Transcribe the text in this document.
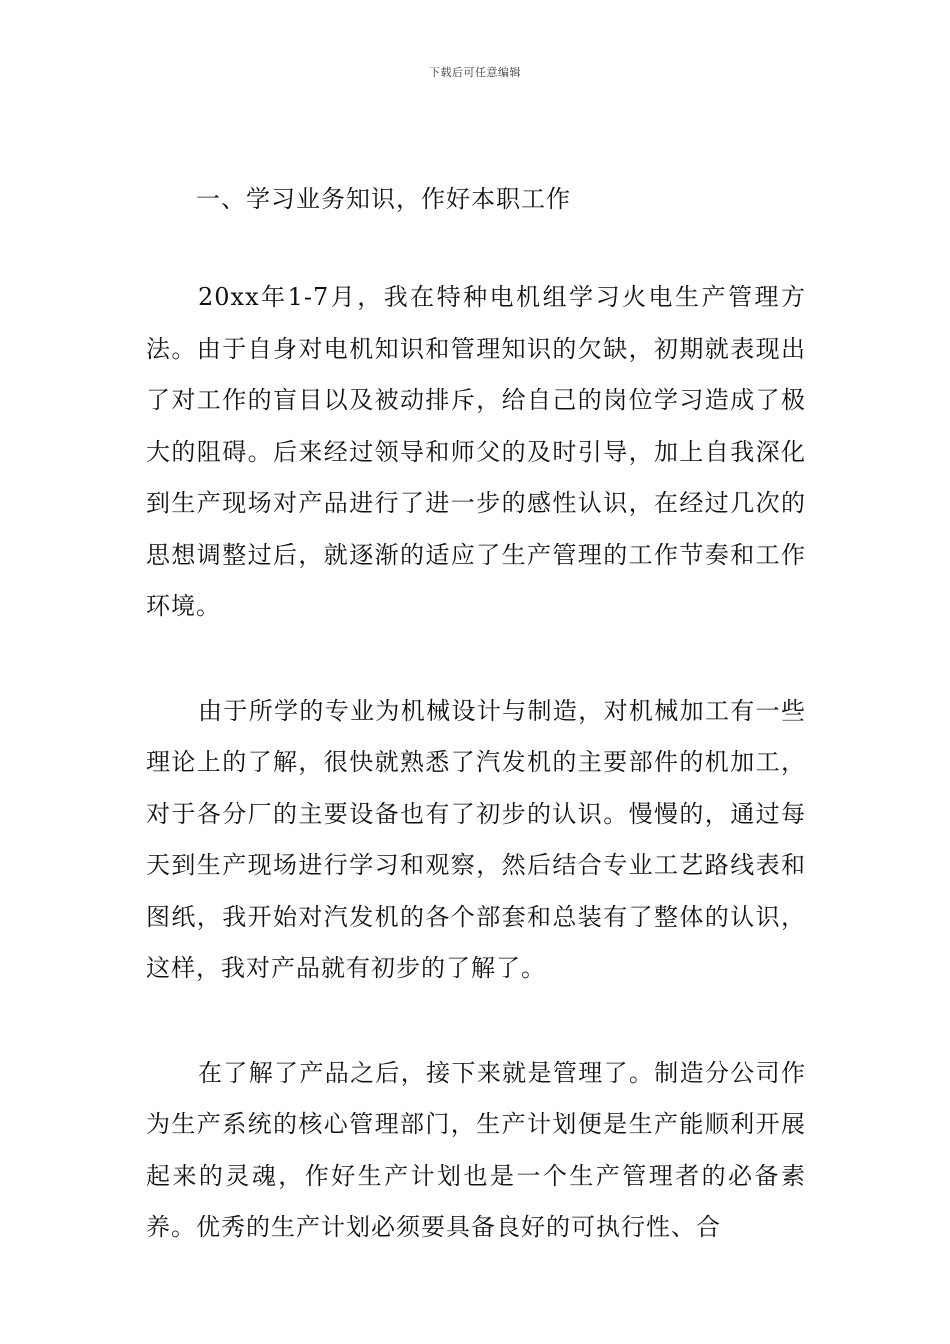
下载后可任意编辑
一、学习业务知识，作好本职工作

20xx年1-7月，我在特种电机组学习火电生产管理方法。由于自身对电机知识和管理知识的欠缺，初期就表现出了对工作的盲目以及被动排斥，给自己的岗位学习造成了极大的阻碍。后来经过领导和师父的及时引导，加上自我深化到生产现场对产品进行了进一步的感性认识，在经过几次的思想调整过后，就逐渐的适应了生产管理的工作节奏和工作环境。

由于所学的专业为机械设计与制造，对机械加工有一些理论上的了解，很快就熟悉了汽发机的主要部件的机加工，对于各分厂的主要设备也有了初步的认识。慢慢的，通过每天到生产现场进行学习和观察，然后结合专业工艺路线表和图纸，我开始对汽发机的各个部套和总装有了整体的认识，这样，我对产品就有初步的了解了。

在了解了产品之后，接下来就是管理了。制造分公司作为生产系统的核心管理部门，生产计划便是生产能顺利开展起来的灵魂，作好生产计划也是一个生产管理者的必备素养。优秀的生产计划必须要具备良好的可执行性、合
